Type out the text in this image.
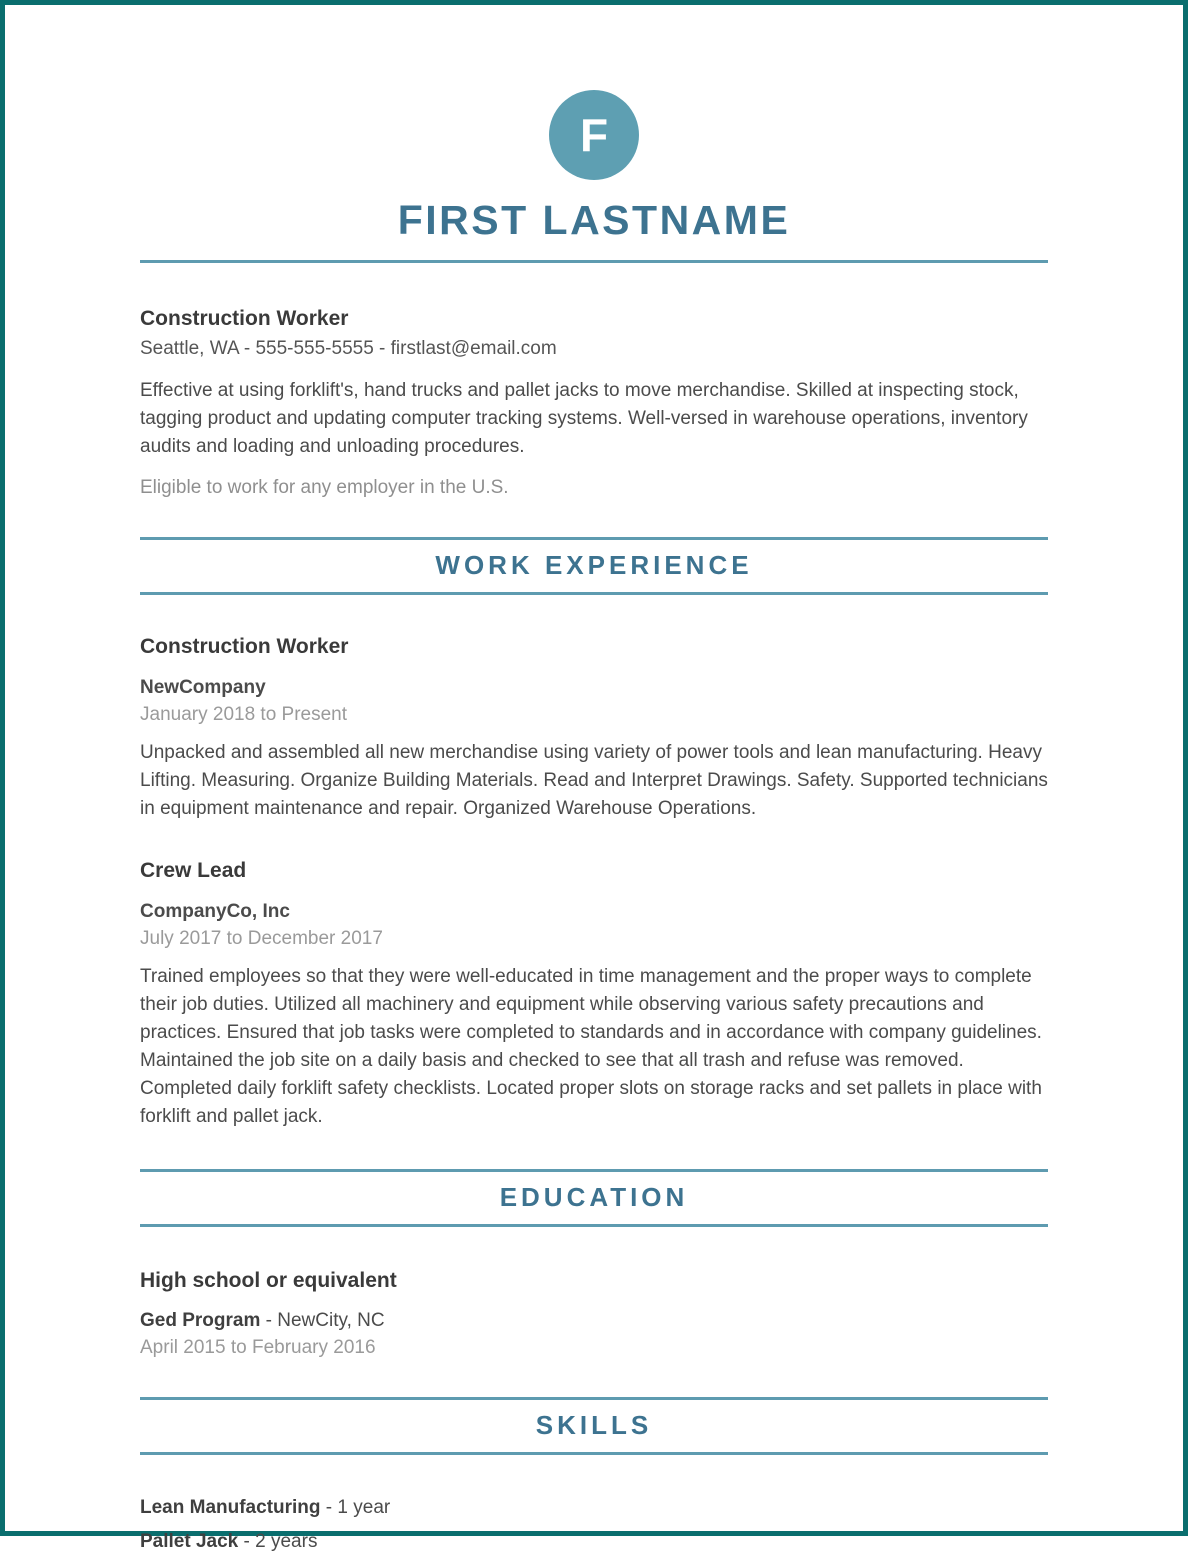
F
FIRST LASTNAME
Construction Worker
Seattle, WA - 555-555-5555 - firstlast@email.com
Effective at using forklift's, hand trucks and pallet jacks to move merchandise. Skilled at inspecting stock, tagging product and updating computer tracking systems. Well-versed in warehouse operations, inventory audits and loading and unloading procedures.
Eligible to work for any employer in the U.S.
WORK EXPERIENCE
Construction Worker
NewCompany
January 2018 to Present
Unpacked and assembled all new merchandise using variety of power tools and lean manufacturing. Heavy Lifting. Measuring. Organize Building Materials. Read and Interpret Drawings. Safety. Supported technicians in equipment maintenance and repair. Organized Warehouse Operations.
Crew Lead
CompanyCo, Inc
July 2017 to December 2017
Trained employees so that they were well-educated in time management and the proper ways to complete their job duties. Utilized all machinery and equipment while observing various safety precautions and practices. Ensured that job tasks were completed to standards and in accordance with company guidelines. Maintained the job site on a daily basis and checked to see that all trash and refuse was removed. Completed daily forklift safety checklists. Located proper slots on storage racks and set pallets in place with forklift and pallet jack.
EDUCATION
High school or equivalent
Ged Program - NewCity, NC
April 2015 to February 2016
SKILLS
Lean Manufacturing - 1 year
Pallet Jack - 2 years
